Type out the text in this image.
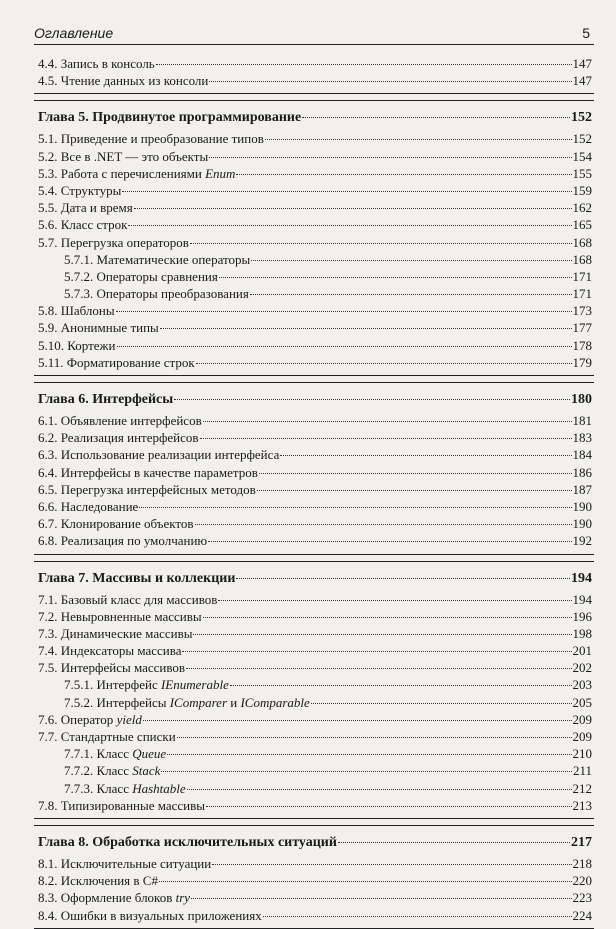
Оглавление	5
4.4. Запись в консоль	147
4.5. Чтение данных из консоли	147
Глава 5. Продвинутое программирование	152
5.1. Приведение и преобразование типов	152
5.2. Все в .NET — это объекты	154
5.3. Работа с перечислениями Enum	155
5.4. Структуры	159
5.5. Дата и время	162
5.6. Класс строк	165
5.7. Перегрузка операторов	168
5.7.1. Математические операторы	168
5.7.2. Операторы сравнения	171
5.7.3. Операторы преобразования	171
5.8. Шаблоны	173
5.9. Анонимные типы	177
5.10. Кортежи	178
5.11. Форматирование строк	179
Глава 6. Интерфейсы	180
6.1. Объявление интерфейсов	181
6.2. Реализация интерфейсов	183
6.3. Использование реализации интерфейса	184
6.4. Интерфейсы в качестве параметров	186
6.5. Перегрузка интерфейсных методов	187
6.6. Наследование	190
6.7. Клонирование объектов	190
6.8. Реализация по умолчанию	192
Глава 7. Массивы и коллекции	194
7.1. Базовый класс для массивов	194
7.2. Невыровненные массивы	196
7.3. Динамические массивы	198
7.4. Индексаторы массива	201
7.5. Интерфейсы массивов	202
7.5.1. Интерфейс IEnumerable	203
7.5.2. Интерфейсы IComparer и IComparable	205
7.6. Оператор yield	209
7.7. Стандартные списки	209
7.7.1. Класс Queue	210
7.7.2. Класс Stack	211
7.7.3. Класс Hashtable	212
7.8. Типизированные массивы	213
Глава 8. Обработка исключительных ситуаций	217
8.1. Исключительные ситуации	218
8.2. Исключения в C#	220
8.3. Оформление блоков try	223
8.4. Ошибки в визуальных приложениях	224
